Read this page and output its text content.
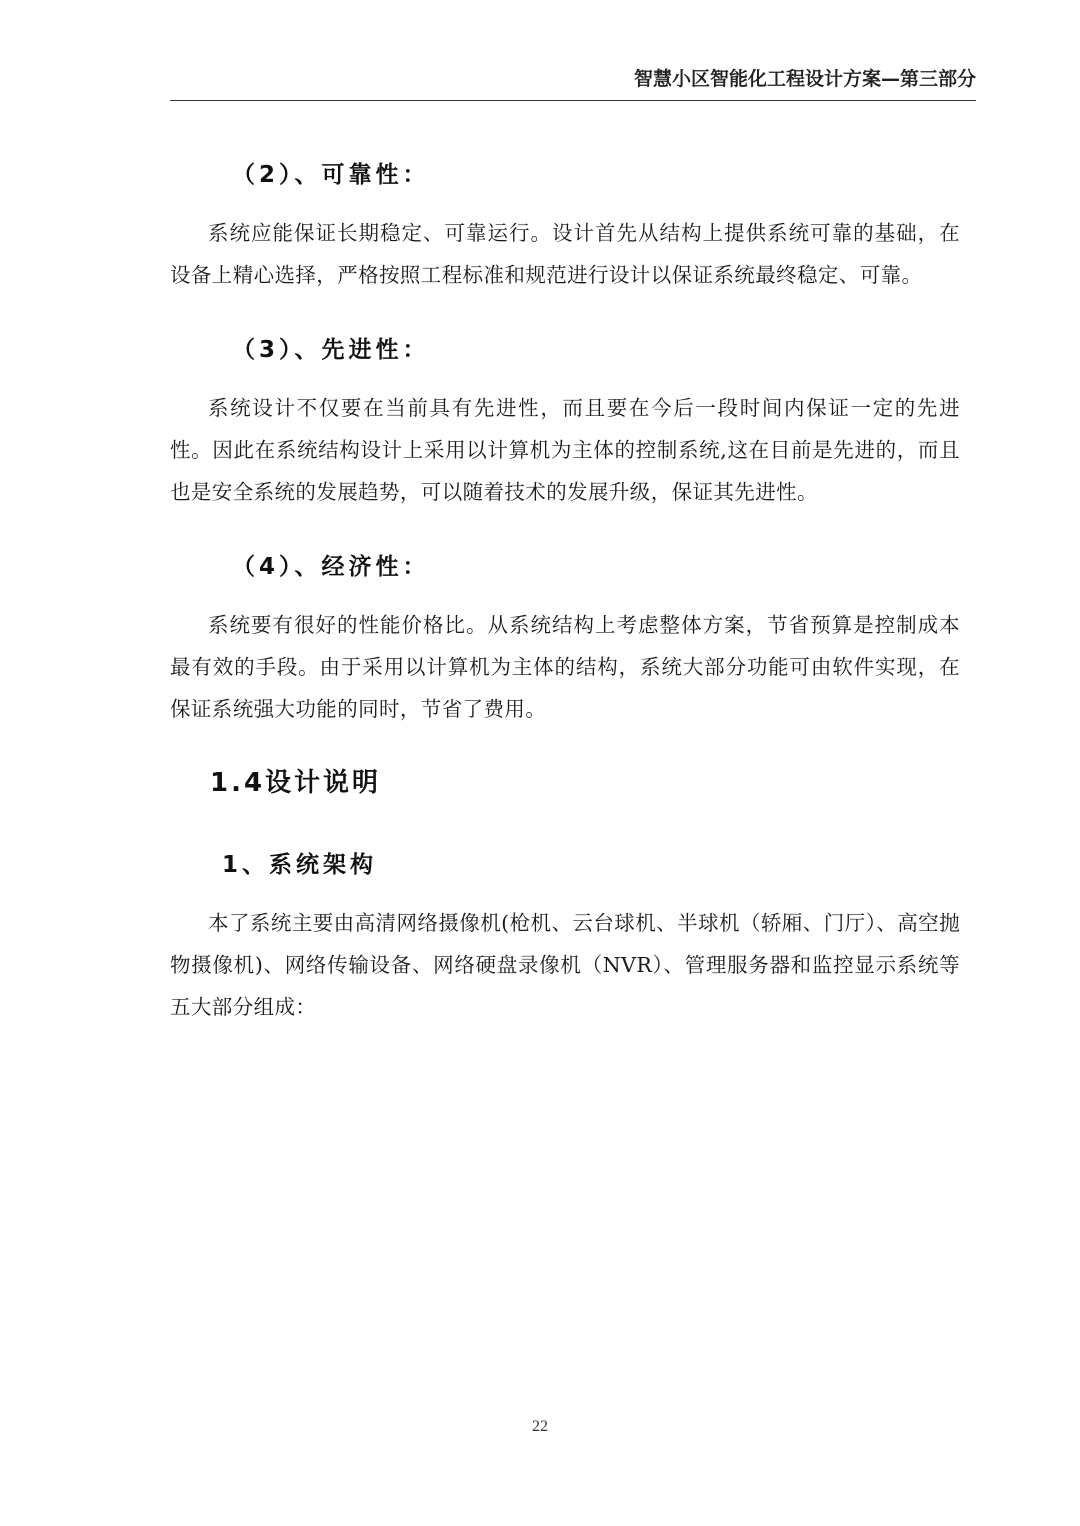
智慧小区智能化工程设计方案—第三部分
（2）、可靠性：

系统应能保证长期稳定、可靠运行。设计首先从结构上提供系统可靠的基础，在设备上精心选择，严格按照工程标准和规范进行设计以保证系统最终稳定、可靠。

（3）、先进性：

系统设计不仅要在当前具有先进性，而且要在今后一段时间内保证一定的先进性。因此在系统结构设计上采用以计算机为主体的控制系统,这在目前是先进的，而且也是安全系统的发展趋势，可以随着技术的发展升级，保证其先进性。

（4）、经济性：

系统要有很好的性能价格比。从系统结构上考虑整体方案，节省预算是控制成本最有效的手段。由于采用以计算机为主体的结构，系统大部分功能可由软件实现，在保证系统强大功能的同时，节省了费用。

1.4设计说明
1、系统架构

本了系统主要由高清网络摄像机(枪机、云台球机、半球机（轿厢、门厅）、高空抛物摄像机)、网络传输设备、网络硬盘录像机（NVR）、管理服务器和监控显示系统等五大部分组成：

22
